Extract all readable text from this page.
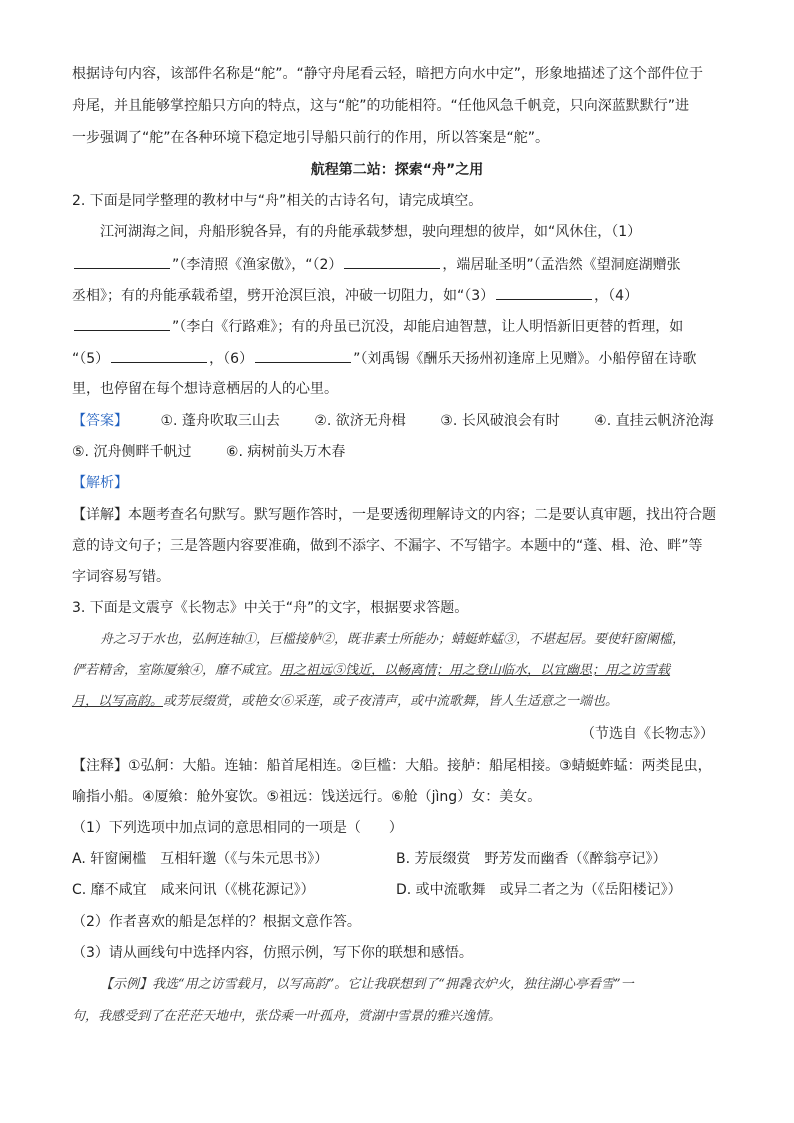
根据诗句内容，该部件名称是“舵”。“静守舟尾看云轻，暗把方向水中定”，形象地描述了这个部件位于
舟尾，并且能够掌控船只方向的特点，这与“舵”的功能相符。“任他风急千帆竞，只向深蓝默默行”进
一步强调了“舵”在各种环境下稳定地引导船只前行的作用，所以答案是“舵”。
航程第二站：探索“舟”之用
2. 下面是同学整理的教材中与“舟”相关的古诗名句，请完成填空。
江河湖海之间，舟船形貌各异，有的舟能承载梦想，驶向理想的彼岸，如“风休住，（1）
”（李清照《渔家傲》，“（2）	，端居耻圣明”（孟浩然《望洞庭湖赠张
丞相》；有的舟能承载希望，劈开沧溟巨浪，冲破一切阻力，如“（3）	，（4）
”（李白《行路难》；有的舟虽已沉没，却能启迪智慧，让人明悟新旧更替的哲理，如
“（5）	，（6）	”（刘禹锡《酬乐天扬州初逢席上见赠》。小船停留在诗歌
里，也停留在每个想诗意栖居的人的心里。
【答案】 ①. 蓬舟吹取三山去 ②. 欲济无舟楫 ③. 长风破浪会有时 ④. 直挂云帆济沧海
⑤. 沉舟侧畔千帆过 ⑥. 病树前头万木春
【解析】
【详解】本题考查名句默写。默写题作答时，一是要透彻理解诗文的内容；二是要认真审题，找出符合题
意的诗文句子；三是答题内容要准确，做到不添字、不漏字、不写错字。本题中的“蓬、楫、沧、畔”等
字词容易写错。
3. 下面是文震亨《长物志》中关于“舟”的文字，根据要求答题。
舟之习于水也，弘舸连轴①，巨槛接舻②，既非素士所能办；蜻蜓蚱蜢③，不堪起居。要使轩窗阑槛，
俨若精舍，室陈厦飨④，靡不咸宜。用之祖远⑤饯近，以畅离情；用之登山临水，以宜幽思；用之访雪载
月，以写高韵。或芳辰缀赏，或艳女⑥采莲，或子夜清声，或中流歌舞，皆人生适意之一端也。
（节选自《长物志》）
【注释】①弘舸：大船。连轴：船首尾相连。②巨槛：大船。接舻：船尾相接。③蜻蜓蚱蜢：两类昆虫，
喻指小船。④厦飨：舱外宴饮。⑤祖远：饯送远行。⑥舱（jìng）女：美女。
（1）下列选项中加点词的意思相同的一项是（　　）
A. 轩窗阑槛　互相轩邈（《与朱元思书》）	B. 芳辰缀赏　野芳发而幽香（《醉翁亭记》）
C. 靡不咸宜　咸来问讯（《桃花源记》）	D. 或中流歌舞　或异二者之为（《岳阳楼记》）
（2）作者喜欢的船是怎样的？根据文意作答。
（3）请从画线句中选择内容，仿照示例，写下你的联想和感悟。
【示例】我选“用之访雪载月，以写高韵”。它让我联想到了“拥毳衣炉火，独往湖心亭看雪”一
句，我感受到了在茫茫天地中，张岱乘一叶孤舟，赏湖中雪景的雅兴逸情。
